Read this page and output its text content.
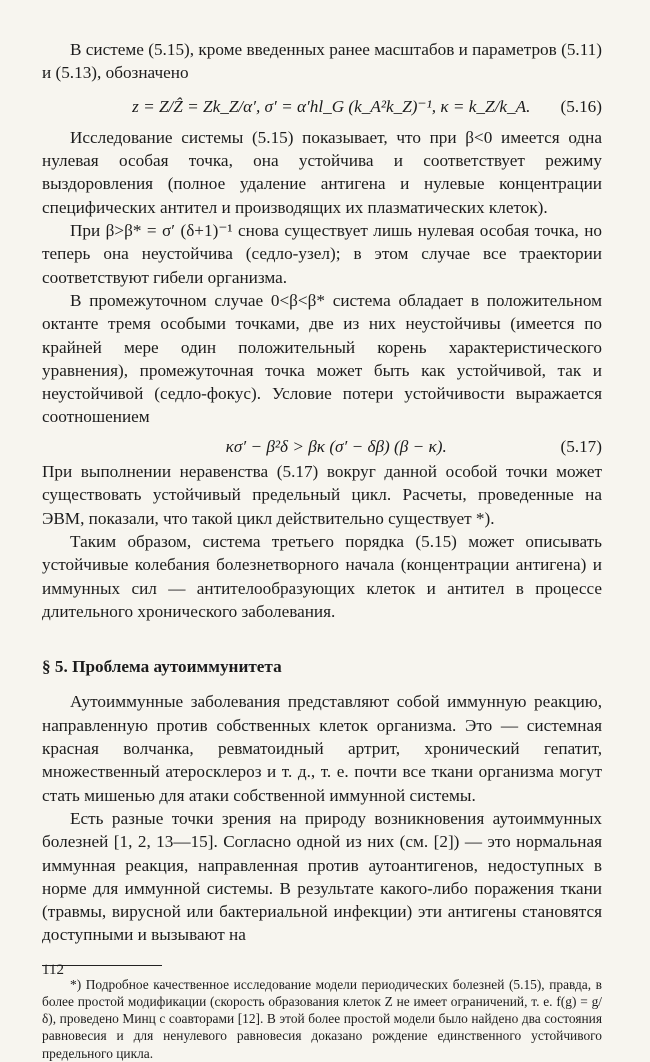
В системе (5.15), кроме введенных ранее масштабов и параметров (5.11) и (5.13), обозначено

z = Z/Ẑ = Zk_Z/α′, σ′ = α′hl_G (k_A²k_Z)⁻¹, κ = k_Z/k_A.	(5.16)

Исследование системы (5.15) показывает, что при β<0 имеется одна нулевая особая точка, она устойчива и соответствует режиму выздоровления (полное удаление антигена и нулевые концентрации специфических антител и производящих их плазматических клеток).

При β>β* = σ′ (δ+1)⁻¹ снова существует лишь нулевая особая точка, но теперь она неустойчива (седло-узел); в этом случае все траектории соответствуют гибели организма.

В промежуточном случае 0<β<β* система обладает в положительном октанте тремя особыми точками, две из них неустойчивы (имеется по крайней мере один положительный корень характеристического уравнения), промежуточная точка может быть как устойчивой, так и неустойчивой (седло-фокус). Условие потери устойчивости выражается соотношением

κσ′ − β²δ > βκ (σ′ − δβ) (β − κ).	(5.17)

При выполнении неравенства (5.17) вокруг данной особой точки может существовать устойчивый предельный цикл. Расчеты, проведенные на ЭВМ, показали, что такой цикл действительно существует *).

Таким образом, система третьего порядка (5.15) может описывать устойчивые колебания болезнетворного начала (концентрации антигена) и иммунных сил — антителообразующих клеток и антител в процессе длительного хронического заболевания.

§ 5. Проблема аутоиммунитета

Аутоиммунные заболевания представляют собой иммунную реакцию, направленную против собственных клеток организма. Это — системная красная волчанка, ревматоидный артрит, хронический гепатит, множественный атеросклероз и т. д., т. е. почти все ткани организма могут стать мишенью для атаки собственной иммунной системы.

Есть разные точки зрения на природу возникновения аутоиммунных болезней [1, 2, 13—15]. Согласно одной из них (см. [2]) — это нормальная иммунная реакция, направленная против аутоантигенов, недоступных в норме для иммунной системы. В результате какого-либо поражения ткани (травмы, вирусной или бактериальной инфекции) эти антигены становятся доступными и вызывают на

*) Подробное качественное исследование модели периодических болезней (5.15), правда, в более простой модификации (скорость образования клеток Z не имеет ограничений, т. е. f(g) = g/δ), проведено Минц с соавторами [12]. В этой более простой модели было найдено два состояния равновесия и для ненулевого равновесия доказано рождение единственного устойчивого предельного цикла.

112
